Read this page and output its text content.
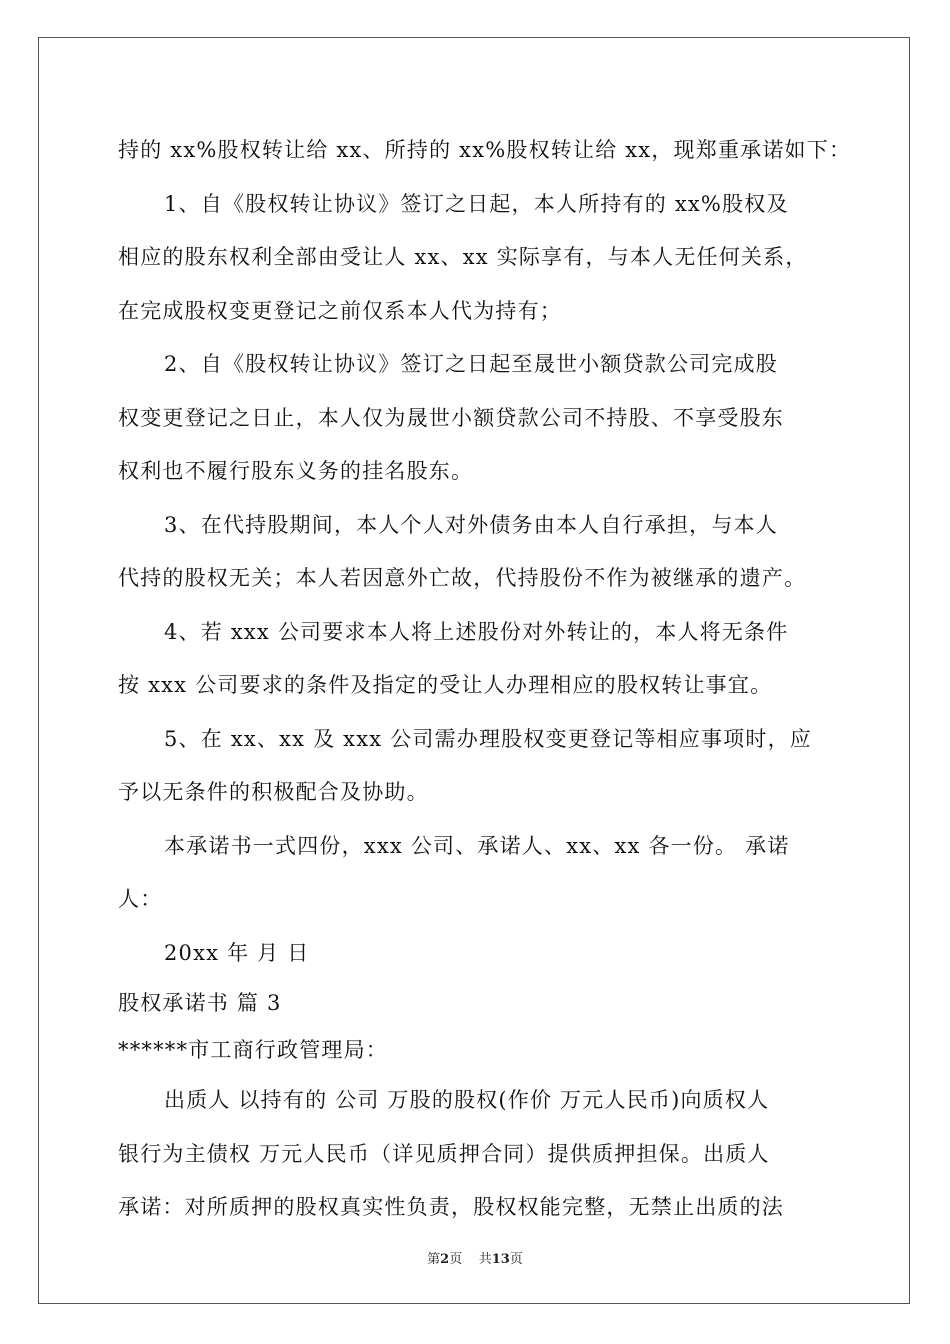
持的 xx%股权转让给 xx、所持的 xx%股权转让给 xx，现郑重承诺如下：
1、自《股权转让协议》签订之日起，本人所持有的 xx%股权及
相应的股东权利全部由受让人 xx、xx 实际享有，与本人无任何关系，
在完成股权变更登记之前仅系本人代为持有；
2、自《股权转让协议》签订之日起至晟世小额贷款公司完成股
权变更登记之日止，本人仅为晟世小额贷款公司不持股、不享受股东
权利也不履行股东义务的挂名股东。
3、在代持股期间，本人个人对外债务由本人自行承担，与本人
代持的股权无关；本人若因意外亡故，代持股份不作为被继承的遗产。
4、若 xxx 公司要求本人将上述股份对外转让的，本人将无条件
按 xxx 公司要求的条件及指定的受让人办理相应的股权转让事宜。
5、在 xx、xx 及 xxx 公司需办理股权变更登记等相应事项时，应
予以无条件的积极配合及协助。
本承诺书一式四份，xxx 公司、承诺人、xx、xx 各一份。 承诺
人：
20xx 年 月 日
股权承诺书 篇 3
******市工商行政管理局：
出质人 以持有的 公司 万股的股权(作价 万元人民币)向质权人
银行为主债权 万元人民币（详见质押合同）提供质押担保。出质人
承诺：对所质押的股权真实性负责，股权权能完整，无禁止出质的法
第2页 共13页
